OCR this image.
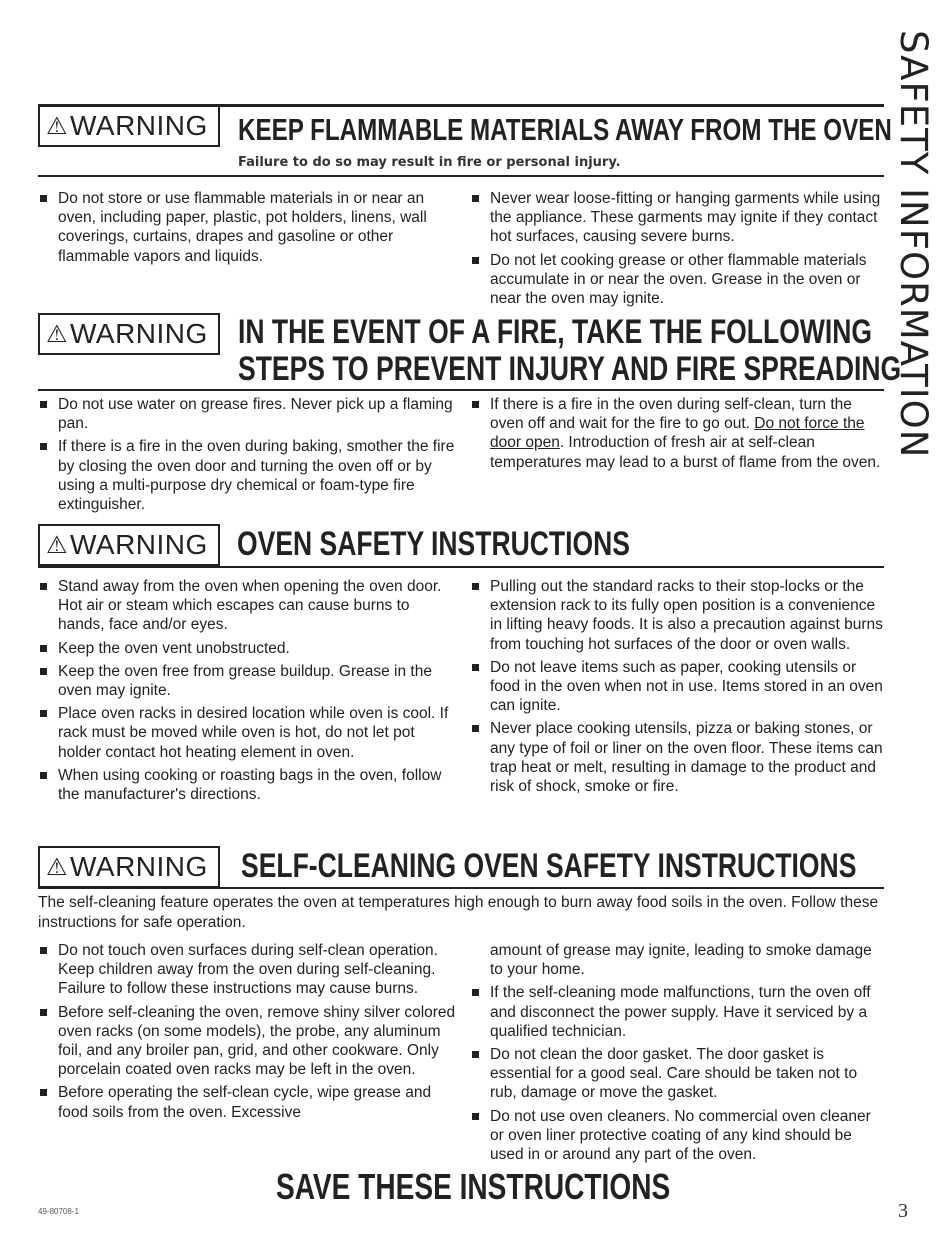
SAFETY INFORMATION
⚠WARNING KEEP FLAMMABLE MATERIALS AWAY FROM THE OVEN
Failure to do so may result in fire or personal injury.
Do not store or use flammable materials in or near an oven, including paper, plastic, pot holders, linens, wall coverings, curtains, drapes and gasoline or other flammable vapors and liquids.
Never wear loose-fitting or hanging garments while using the appliance. These garments may ignite if they contact hot surfaces, causing severe burns.
Do not let cooking grease or other flammable materials accumulate in or near the oven. Grease in the oven or near the oven may ignite.
⚠WARNING IN THE EVENT OF A FIRE, TAKE THE FOLLOWING
STEPS TO PREVENT INJURY AND FIRE SPREADING
Do not use water on grease fires. Never pick up a flaming pan.
If there is a fire in the oven during baking, smother the fire by closing the oven door and turning the oven off or by using a multi-purpose dry chemical or foam-type fire extinguisher.
If there is a fire in the oven during self-clean, turn the oven off and wait for the fire to go out. Do not force the door open. Introduction of fresh air at self-clean temperatures may lead to a burst of flame from the oven.
⚠WARNING OVEN SAFETY INSTRUCTIONS
Stand away from the oven when opening the oven door. Hot air or steam which escapes can cause burns to hands, face and/or eyes.
Keep the oven vent unobstructed.
Keep the oven free from grease buildup. Grease in the oven may ignite.
Place oven racks in desired location while oven is cool. If rack must be moved while oven is hot, do not let pot holder contact hot heating element in oven.
When using cooking or roasting bags in the oven, follow the manufacturer's directions.
Pulling out the standard racks to their stop-locks or the extension rack to its fully open position is a convenience in lifting heavy foods. It is also a precaution against burns from touching hot surfaces of the door or oven walls.
Do not leave items such as paper, cooking utensils or food in the oven when not in use. Items stored in an oven can ignite.
Never place cooking utensils, pizza or baking stones, or any type of foil or liner on the oven floor. These items can trap heat or melt, resulting in damage to the product and risk of shock, smoke or fire.
⚠WARNING SELF-CLEANING OVEN SAFETY INSTRUCTIONS
The self-cleaning feature operates the oven at temperatures high enough to burn away food soils in the oven. Follow these instructions for safe operation.
Do not touch oven surfaces during self-clean operation. Keep children away from the oven during self-cleaning. Failure to follow these instructions may cause burns.
Before self-cleaning the oven, remove shiny silver colored oven racks (on some models), the probe, any aluminum foil, and any broiler pan, grid, and other cookware. Only porcelain coated oven racks may be left in the oven.
Before operating the self-clean cycle, wipe grease and food soils from the oven. Excessive
amount of grease may ignite, leading to smoke damage to your home.
If the self-cleaning mode malfunctions, turn the oven off and disconnect the power supply. Have it serviced by a qualified technician.
Do not clean the door gasket. The door gasket is essential for a good seal. Care should be taken not to rub, damage or move the gasket.
Do not use oven cleaners. No commercial oven cleaner or oven liner protective coating of any kind should be used in or around any part of the oven.
SAVE THESE INSTRUCTIONS
49-80708-1	3
